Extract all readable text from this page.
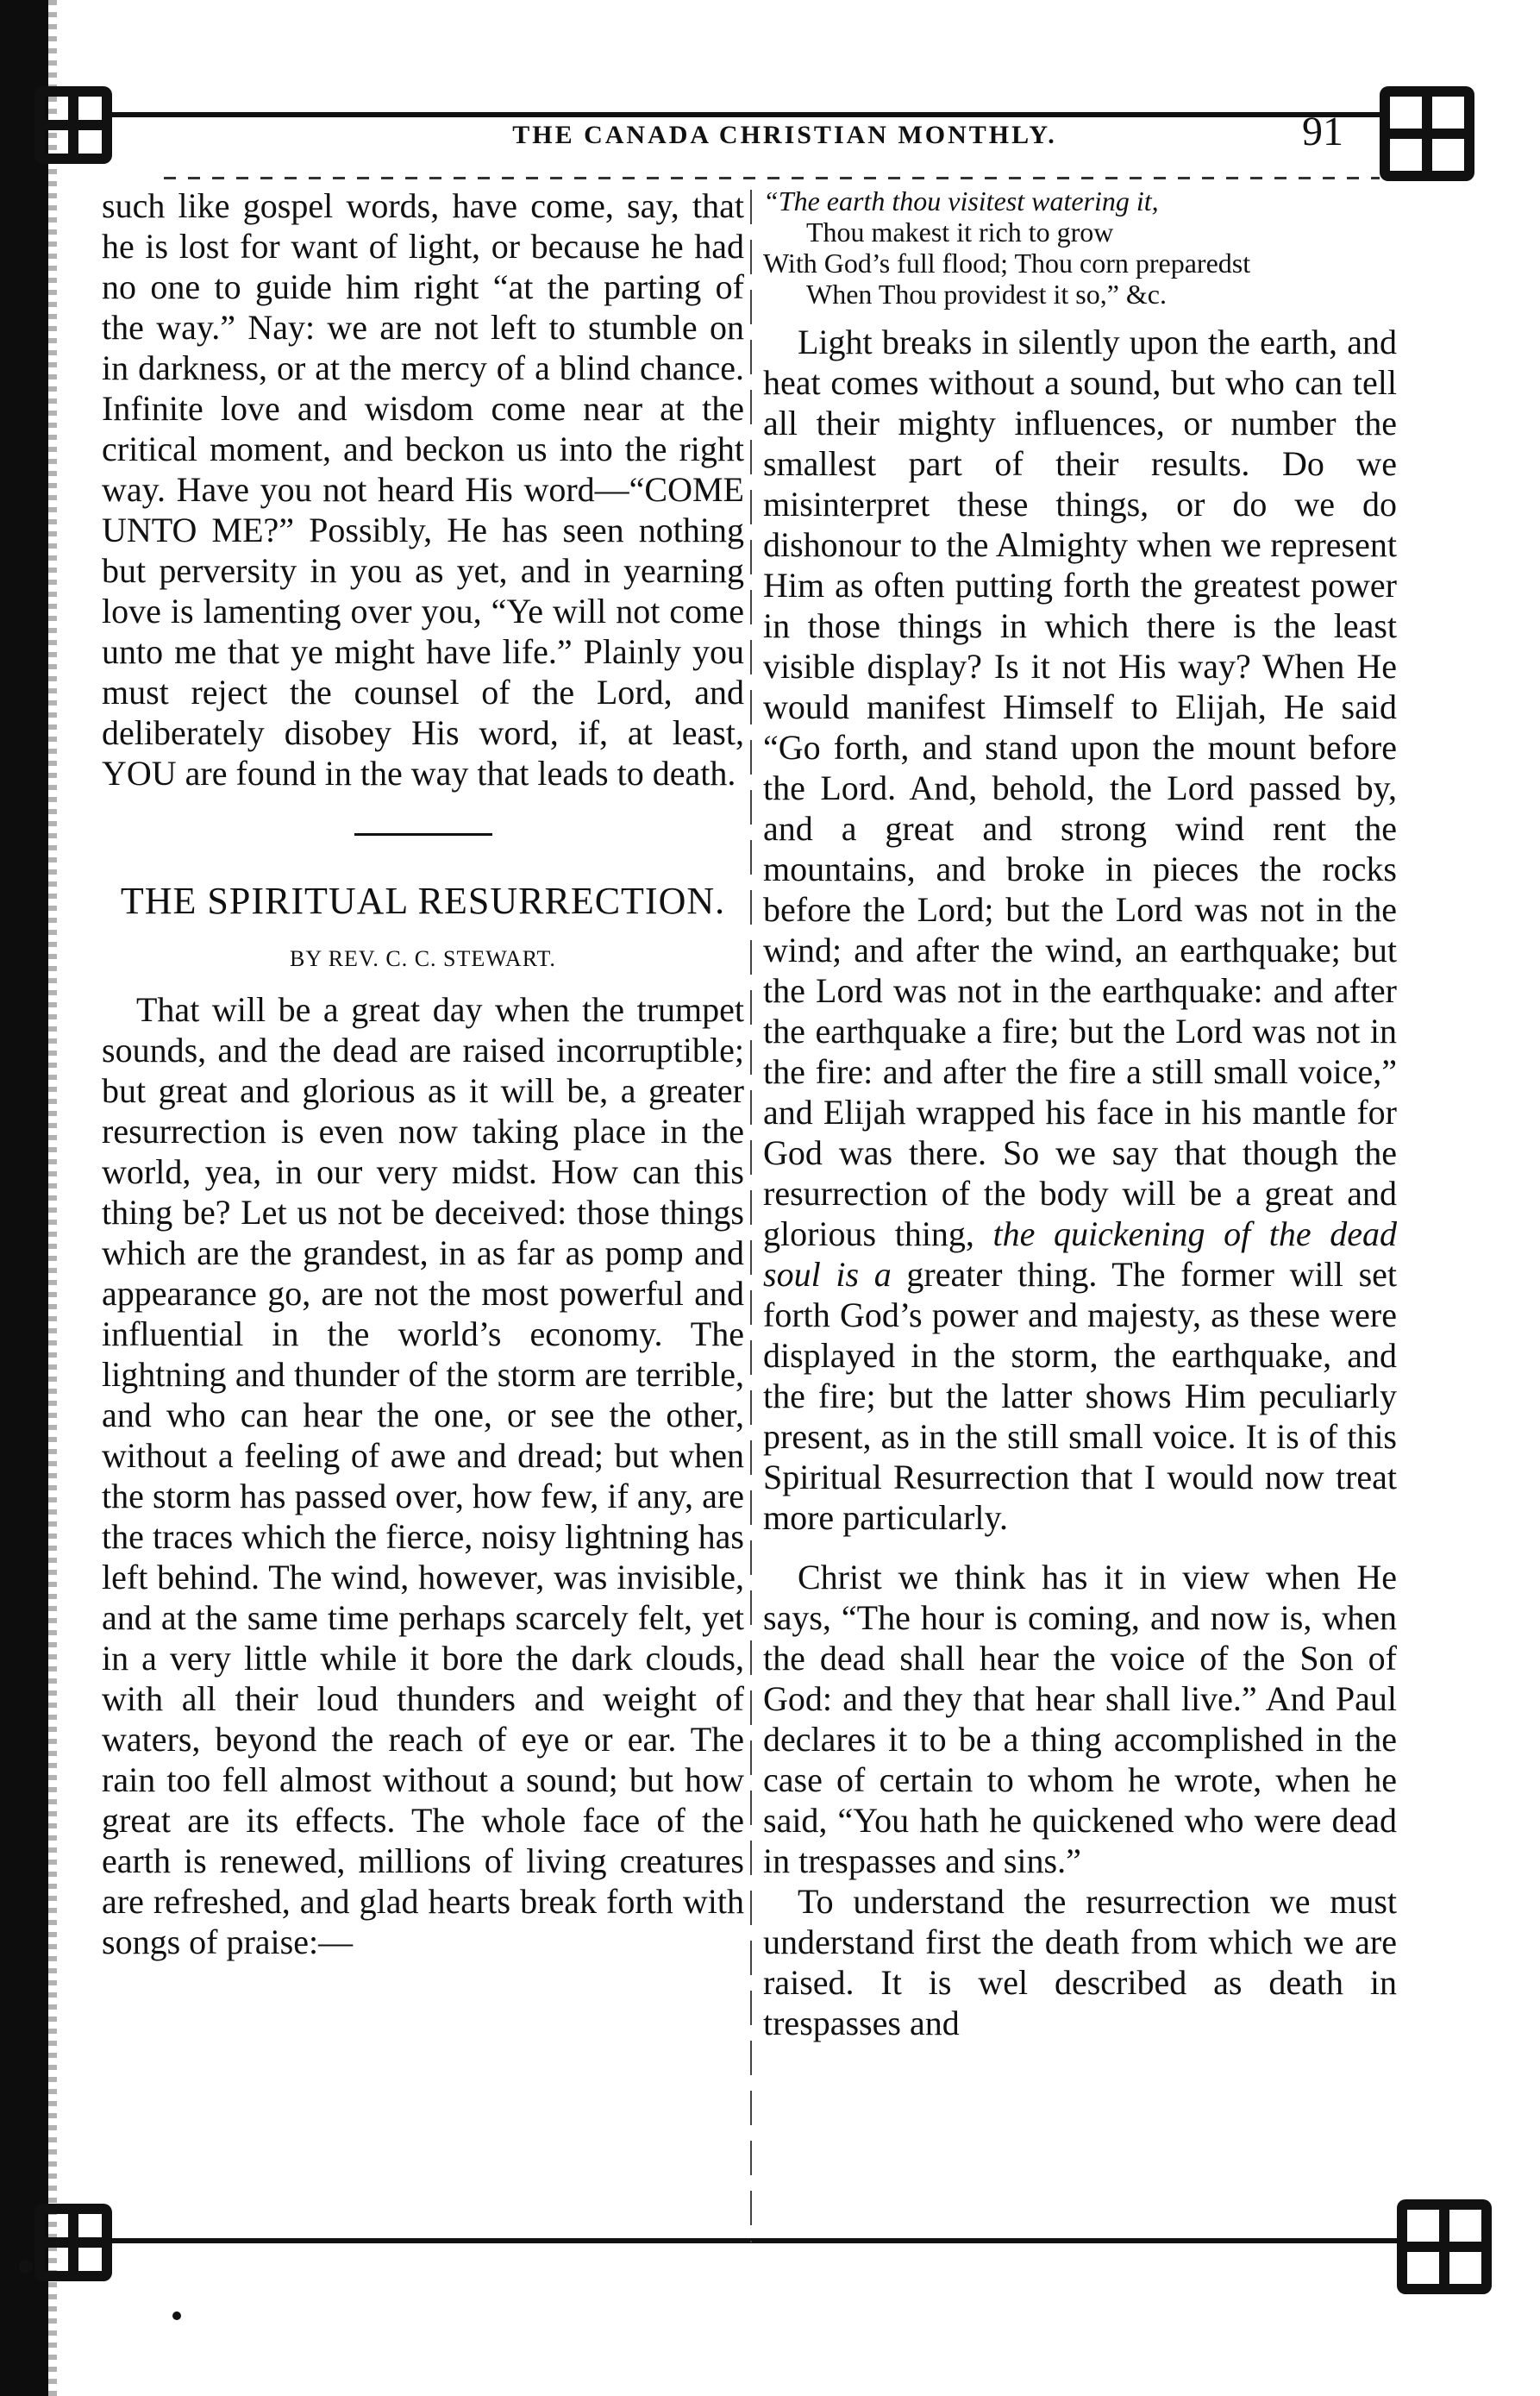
THE CANADA CHRISTIAN MONTHLY.	91

such like gospel words, have come, say, that he is lost for want of light, or because he had no one to guide him right “at the parting of the way.” Nay: we are not left to stumble on in darkness, or at the mercy of a blind chance. Infinite love and wisdom come near at the critical moment, and beckon us into the right way. Have you not heard His word—“COME UNTO ME?” Possibly, He has seen nothing but perversity in you as yet, and in yearning love is lamenting over you, “Ye will not come unto me that ye might have life.” Plainly you must reject the counsel of the Lord, and deliberately disobey His word, if, at least, YOU are found in the way that leads to death.

THE SPIRITUAL RESURRECTION.
BY REV. C. C. STEWART.

That will be a great day when the trumpet sounds, and the dead are raised incorruptible; but great and glorious as it will be, a greater resurrection is even now taking place in the world, yea, in our very midst. How can this thing be? Let us not be deceived: those things which are the grandest, in as far as pomp and appearance go, are not the most powerful and influential in the world’s economy. The lightning and thunder of the storm are terrible, and who can hear the one, or see the other, without a feeling of awe and dread; but when the storm has passed over, how few, if any, are the traces which the fierce, noisy lightning has left behind. The wind, however, was invisible, and at the same time perhaps scarcely felt, yet in a very little while it bore the dark clouds, with all their loud thunders and weight of waters, beyond the reach of eye or ear. The rain too fell almost without a sound; but how great are its effects. The whole face of the earth is renewed, millions of living creatures are refreshed, and glad hearts break forth with songs of praise:—

“The earth thou visitest watering it,
Thou makest it rich to grow
With God’s full flood; Thou corn preparedst
When Thou providest it so,” &c.

Light breaks in silently upon the earth, and heat comes without a sound, but who can tell all their mighty influences, or number the smallest part of their results. Do we misinterpret these things, or do we do dishonour to the Almighty when we represent Him as often putting forth the greatest power in those things in which there is the least visible display? Is it not His way? When He would manifest Himself to Elijah, He said “Go forth, and stand upon the mount before the Lord. And, behold, the Lord passed by, and a great and strong wind rent the mountains, and broke in pieces the rocks before the Lord; but the Lord was not in the wind; and after the wind, an earthquake; but the Lord was not in the earthquake: and after the earthquake a fire; but the Lord was not in the fire: and after the fire a still small voice,” and Elijah wrapped his face in his mantle for God was there. So we say that though the resurrection of the body will be a great and glorious thing, the quickening of the dead soul is a greater thing. The former will set forth God’s power and majesty, as these were displayed in the storm, the earthquake, and the fire; but the latter shows Him peculiarly present, as in the still small voice. It is of this Spiritual Resurrection that I would now treat more particularly.

Christ we think has it in view when He says, “The hour is coming, and now is, when the dead shall hear the voice of the Son of God: and they that hear shall live.” And Paul declares it to be a thing accomplished in the case of certain to whom he wrote, when he said, “You hath he quickened who were dead in trespasses and sins.”

To understand the resurrection we must understand first the death from which we are raised. It is wel described as death in trespasses and
